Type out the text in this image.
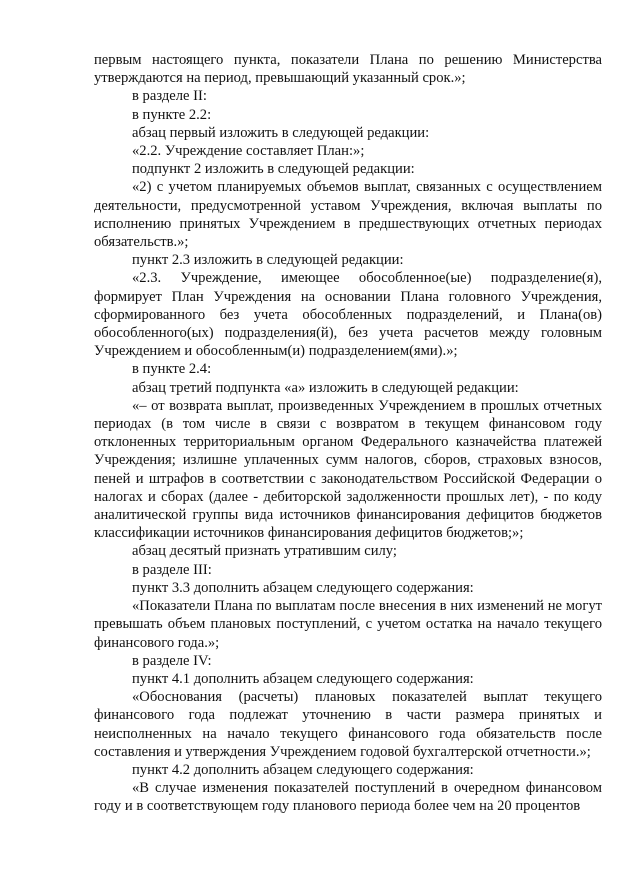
первым настоящего пункта, показатели Плана по решению Министерства утверждаются на период, превышающий указанный срок.»;

в разделе II:

в пункте 2.2:

абзац первый изложить в следующей редакции:

«2.2. Учреждение составляет План:»;

подпункт 2 изложить в следующей редакции:

«2) с учетом планируемых объемов выплат, связанных с осуществлением деятельности, предусмотренной уставом Учреждения, включая выплаты по исполнению принятых Учреждением в предшествующих отчетных периодах обязательств.»;

пункт 2.3 изложить в следующей редакции:

«2.3. Учреждение, имеющее обособленное(ые) подразделение(я), формирует План Учреждения на основании Плана головного Учреждения, сформированного без учета обособленных подразделений, и Плана(ов) обособленного(ых) подразделения(й), без учета расчетов между головным Учреждением и обособленным(и) подразделением(ями).»;

в пункте 2.4:

абзац третий подпункта «а» изложить в следующей редакции:

«– от возврата выплат, произведенных Учреждением в прошлых отчетных периодах (в том числе в связи с возвратом в текущем финансовом году отклоненных территориальным органом Федерального казначейства платежей Учреждения; излишне уплаченных сумм налогов, сборов, страховых взносов, пеней и штрафов в соответствии с законодательством Российской Федерации о налогах и сборах (далее - дебиторской задолженности прошлых лет), - по коду аналитической группы вида источников финансирования дефицитов бюджетов классификации источников финансирования дефицитов бюджетов;»;

абзац десятый признать утратившим силу;

в разделе III:

пункт 3.3 дополнить абзацем следующего содержания:

«Показатели Плана по выплатам после внесения в них изменений не могут превышать объем плановых поступлений, с учетом остатка на начало текущего финансового года.»;

в разделе IV:

пункт 4.1 дополнить абзацем следующего содержания:

«Обоснования (расчеты) плановых показателей выплат текущего финансового года подлежат уточнению в части размера принятых и неисполненных на начало текущего финансового года обязательств после составления и утверждения Учреждением годовой бухгалтерской отчетности.»;

пункт 4.2 дополнить абзацем следующего содержания:

«В случае изменения показателей поступлений в очередном финансовом году и в соответствующем году планового периода более чем на 20 процентов
